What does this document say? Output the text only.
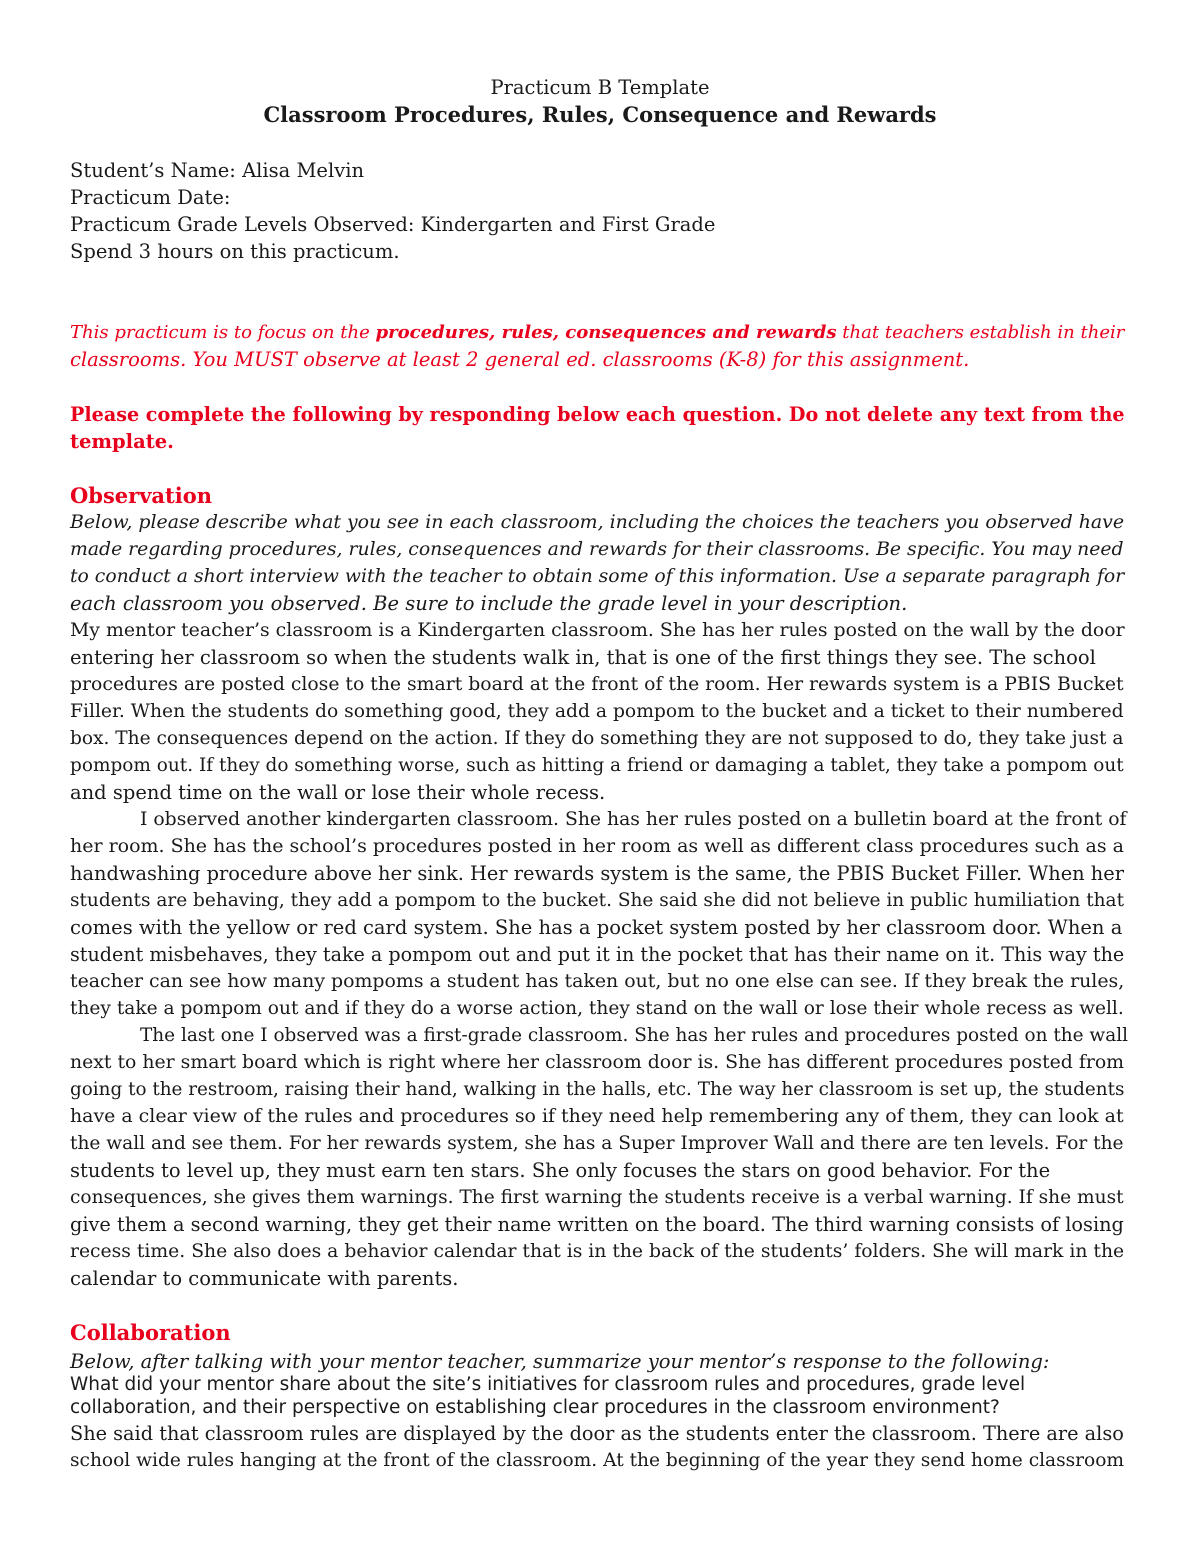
Practicum B Template
Classroom Procedures, Rules, Consequence and Rewards
Student’s Name: Alisa Melvin
Practicum Date:
Practicum Grade Levels Observed: Kindergarten and First Grade
Spend 3 hours on this practicum.
This practicum is to focus on the procedures, rules, consequences and rewards that teachers establish in their
classrooms. You MUST observe at least 2 general ed. classrooms (K-8) for this assignment.
Please complete the following by responding below each question. Do not delete any text from the
template.
Observation
Below, please describe what you see in each classroom, including the choices the teachers you observed have
made regarding procedures, rules, consequences and rewards for their classrooms. Be specific. You may need
to conduct a short interview with the teacher to obtain some of this information. Use a separate paragraph for
each classroom you observed. Be sure to include the grade level in your description.
My mentor teacher’s classroom is a Kindergarten classroom. She has her rules posted on the wall by the door
entering her classroom so when the students walk in, that is one of the first things they see. The school
procedures are posted close to the smart board at the front of the room. Her rewards system is a PBIS Bucket
Filler. When the students do something good, they add a pompom to the bucket and a ticket to their numbered
box. The consequences depend on the action. If they do something they are not supposed to do, they take just a
pompom out. If they do something worse, such as hitting a friend or damaging a tablet, they take a pompom out
and spend time on the wall or lose their whole recess.
I observed another kindergarten classroom. She has her rules posted on a bulletin board at the front of
her room. She has the school’s procedures posted in her room as well as different class procedures such as a
handwashing procedure above her sink. Her rewards system is the same, the PBIS Bucket Filler. When her
students are behaving, they add a pompom to the bucket. She said she did not believe in public humiliation that
comes with the yellow or red card system. She has a pocket system posted by her classroom door. When a
student misbehaves, they take a pompom out and put it in the pocket that has their name on it. This way the
teacher can see how many pompoms a student has taken out, but no one else can see. If they break the rules,
they take a pompom out and if they do a worse action, they stand on the wall or lose their whole recess as well.
The last one I observed was a first-grade classroom. She has her rules and procedures posted on the wall
next to her smart board which is right where her classroom door is. She has different procedures posted from
going to the restroom, raising their hand, walking in the halls, etc. The way her classroom is set up, the students
have a clear view of the rules and procedures so if they need help remembering any of them, they can look at
the wall and see them. For her rewards system, she has a Super Improver Wall and there are ten levels. For the
students to level up, they must earn ten stars. She only focuses the stars on good behavior. For the
consequences, she gives them warnings. The first warning the students receive is a verbal warning. If she must
give them a second warning, they get their name written on the board. The third warning consists of losing
recess time. She also does a behavior calendar that is in the back of the students’ folders. She will mark in the
calendar to communicate with parents.
Collaboration
Below, after talking with your mentor teacher, summarize your mentor’s response to the following:
What did your mentor share about the site’s initiatives for classroom rules and procedures, grade level
collaboration, and their perspective on establishing clear procedures in the classroom environment?
She said that classroom rules are displayed by the door as the students enter the classroom. There are also
school wide rules hanging at the front of the classroom. At the beginning of the year they send home classroom
